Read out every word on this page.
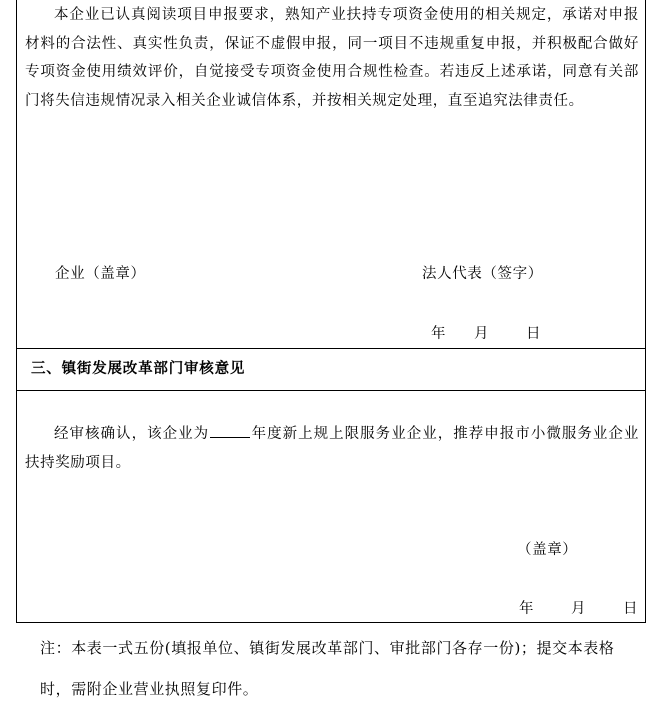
本企业已认真阅读项目申报要求，熟知产业扶持专项资金使用的相关规定，承诺对申报材料的合法性、真实性负责，保证不虚假申报，同一项目不违规重复申报，并积极配合做好专项资金使用绩效评价，自觉接受专项资金使用合规性检查。若违反上述承诺，同意有关部门将失信违规情况录入相关企业诚信体系，并按相关规定处理，直至追究法律责任。

企业（盖章）	法人代表（签字）
年 月	日
三、镇街发展改革部门审核意见

经审核确认，该企业为	年度新上规上限服务业企业，推荐申报市小微服务业企业扶持奖励项目。

（盖章）
年	月	日

注：本表一式五份(填报单位、镇街发展改革部门、审批部门各存一份)；提交本表格时，需附企业营业执照复印件。
